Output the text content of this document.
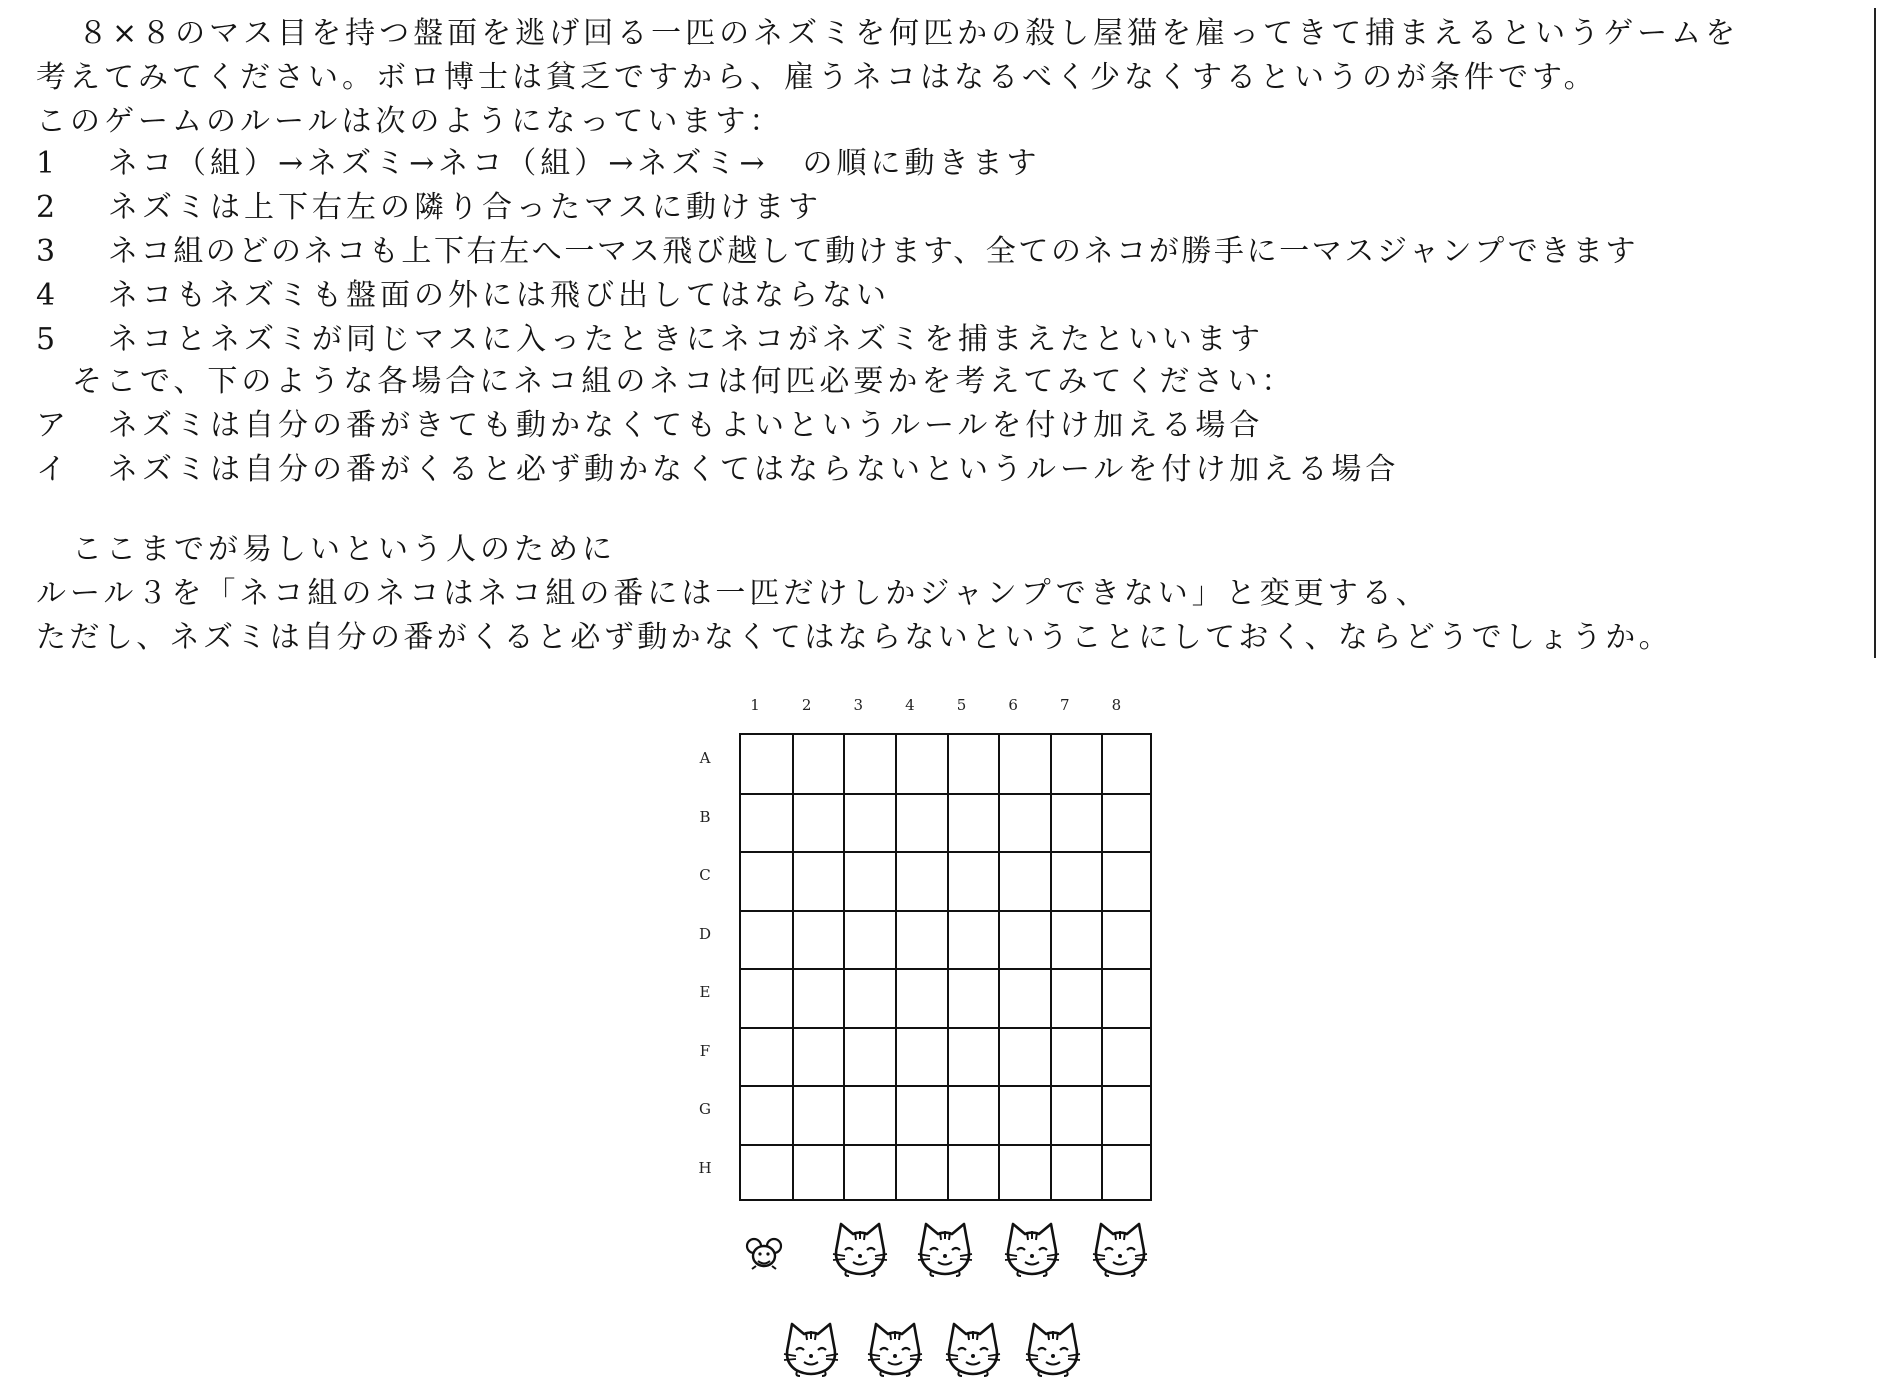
８×８のマス目を持つ盤面を逃げ回る一匹のネズミを何匹かの殺し屋猫を雇ってきて捕まえるというゲームを
考えてみてください。ボロ博士は貧乏ですから、雇うネコはなるべく少なくするというのが条件です。
このゲームのルールは次のようになっています：
1 ネコ（組）→ネズミ→ネコ（組）→ネズミ→　の順に動きます
2 ネズミは上下右左の隣り合ったマスに動けます
3 ネコ組のどのネコも上下右左へ一マス飛び越して動けます、全てのネコが勝手に一マスジャンプできます
4 ネコもネズミも盤面の外には飛び出してはならない
5 ネコとネズミが同じマスに入ったときにネコがネズミを捕まえたといいます
そこで、下のような各場合にネコ組のネコは何匹必要かを考えてみてください：
ア ネズミは自分の番がきても動かなくてもよいというルールを付け加える場合
イ ネズミは自分の番がくると必ず動かなくてはならないというルールを付け加える場合
ここまでが易しいという人のために
ルール３を「ネコ組のネコはネコ組の番には一匹だけしかジャンプできない」と変更する、
ただし、ネズミは自分の番がくると必ず動かなくてはならないということにしておく、ならどうでしょうか。
1	2	3	4	5	6	7	8
A
B
C
D
E
F
G
H
